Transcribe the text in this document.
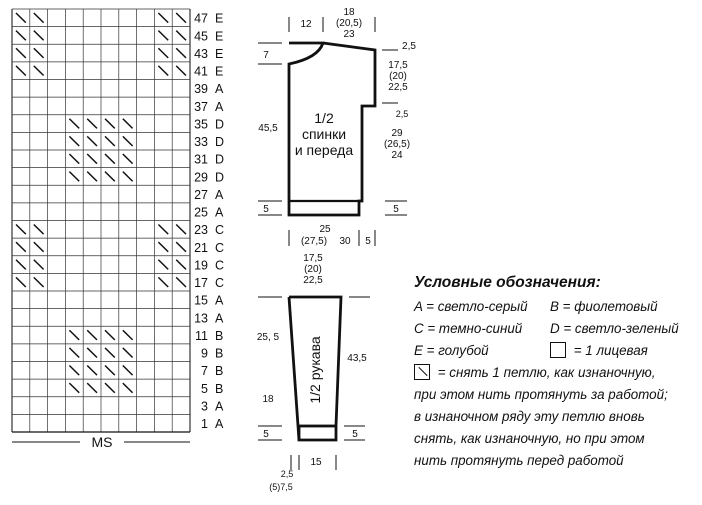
47 E
45 E
43 E
41 E
39 A
37 A
35 D
33 D
31 D
29 D
27 A
25 A
23 C
21 C
19 C
17 C
15 A
13 A
11 B
9 B
7 B
5 B
3 A
1 A
MS
1/2
спинки
и переда
18
(20,5)
23
12
7
2,5
17,5
(20)
22,5
2,5
29
(26,5)
24
45,5
5	5
25
(27,5) 30 5
1/2 рукава
17,5
(20)
22,5
25, 5
18
43,5
5	5
15
2,5
(5)7,5
Условные обозначения:
A = светло-серый	B = фиолетовый
C = темно-синий	D = светло-зеленый
E = голубой	= 1 лицевая
= снять 1 петлю, как изнаночную,
при этом нить протянуть за работой;
в изнаночном ряду эту петлю вновь
снять, как изнаночную, но при этом
нить протянуть перед работой
